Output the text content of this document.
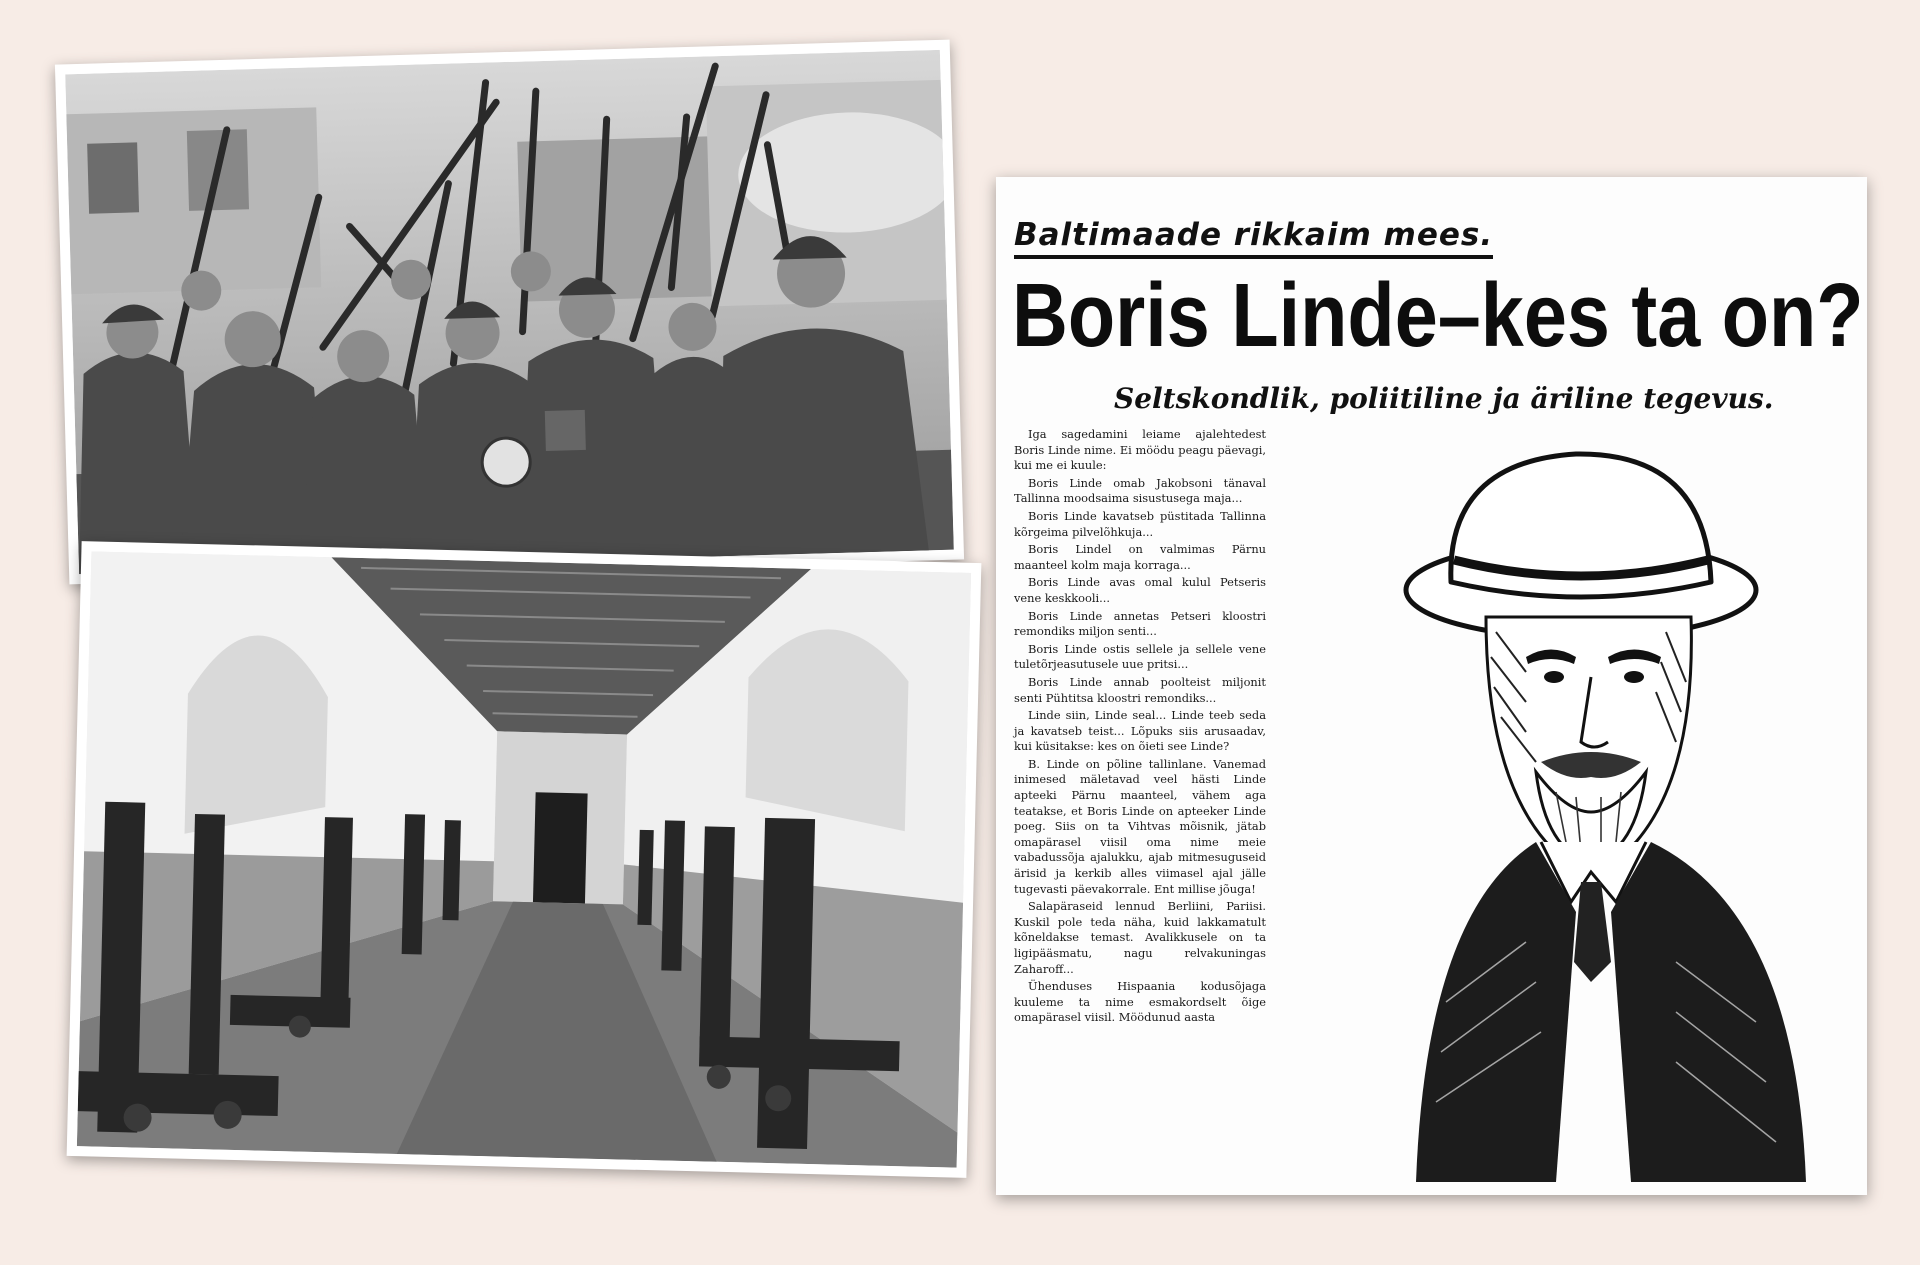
Baltimaade rikkaim mees.
Boris Linde–kes ta on?
Seltskondlik, poliitiline ja äriline tegevus.

Iga sagedamini leiame ajalehtedest Boris Linde nime. Ei möödu peagu päevagi, kui me ei kuule:

Boris Linde omab Jakobsoni tänaval Tallinna moodsaima sisustusega maja...

Boris Linde kavatseb püstitada Tallinna kõrgeima pilvelõhkuja...

Boris Lindel on valmimas Pärnu maanteel kolm maja korraga...

Boris Linde avas omal kulul Petseris vene keskkooli...

Boris Linde annetas Petseri kloostri remondiks miljon senti...

Boris Linde ostis sellele ja sellele vene tuletõrjeasutusele uue pritsi...

Boris Linde annab poolteist miljonit senti Pühtitsa kloostri remondiks...

Linde siin, Linde seal... Linde teeb seda ja kavatseb teist... Lõpuks siis arusaadav, kui küsitakse: kes on õieti see Linde?

B. Linde on põline tallinlane. Vanemad inimesed mäletavad veel hästi Linde apteeki Pärnu maanteel, vähem aga teatakse, et Boris Linde on apteeker Linde poeg. Siis on ta Vihtvas mõisnik, jätab omapärasel viisil oma nime meie vabadussõja ajalukku, ajab mitmesuguseid ärisid ja kerkib alles viimasel ajal jälle tugevasti päevakorrale. Ent millise jõuga!

Salapäraseid lennud Berliini, Pariisi. Kuskil pole teda näha, kuid lakkamatult kõneldakse temast. Avalikkusele on ta ligipääsmatu, nagu relvakuningas Zaharoff...

Ühenduses Hispaania kodusõjaga kuuleme ta nime esmakordselt õige omapärasel viisil. Möödunud aasta
